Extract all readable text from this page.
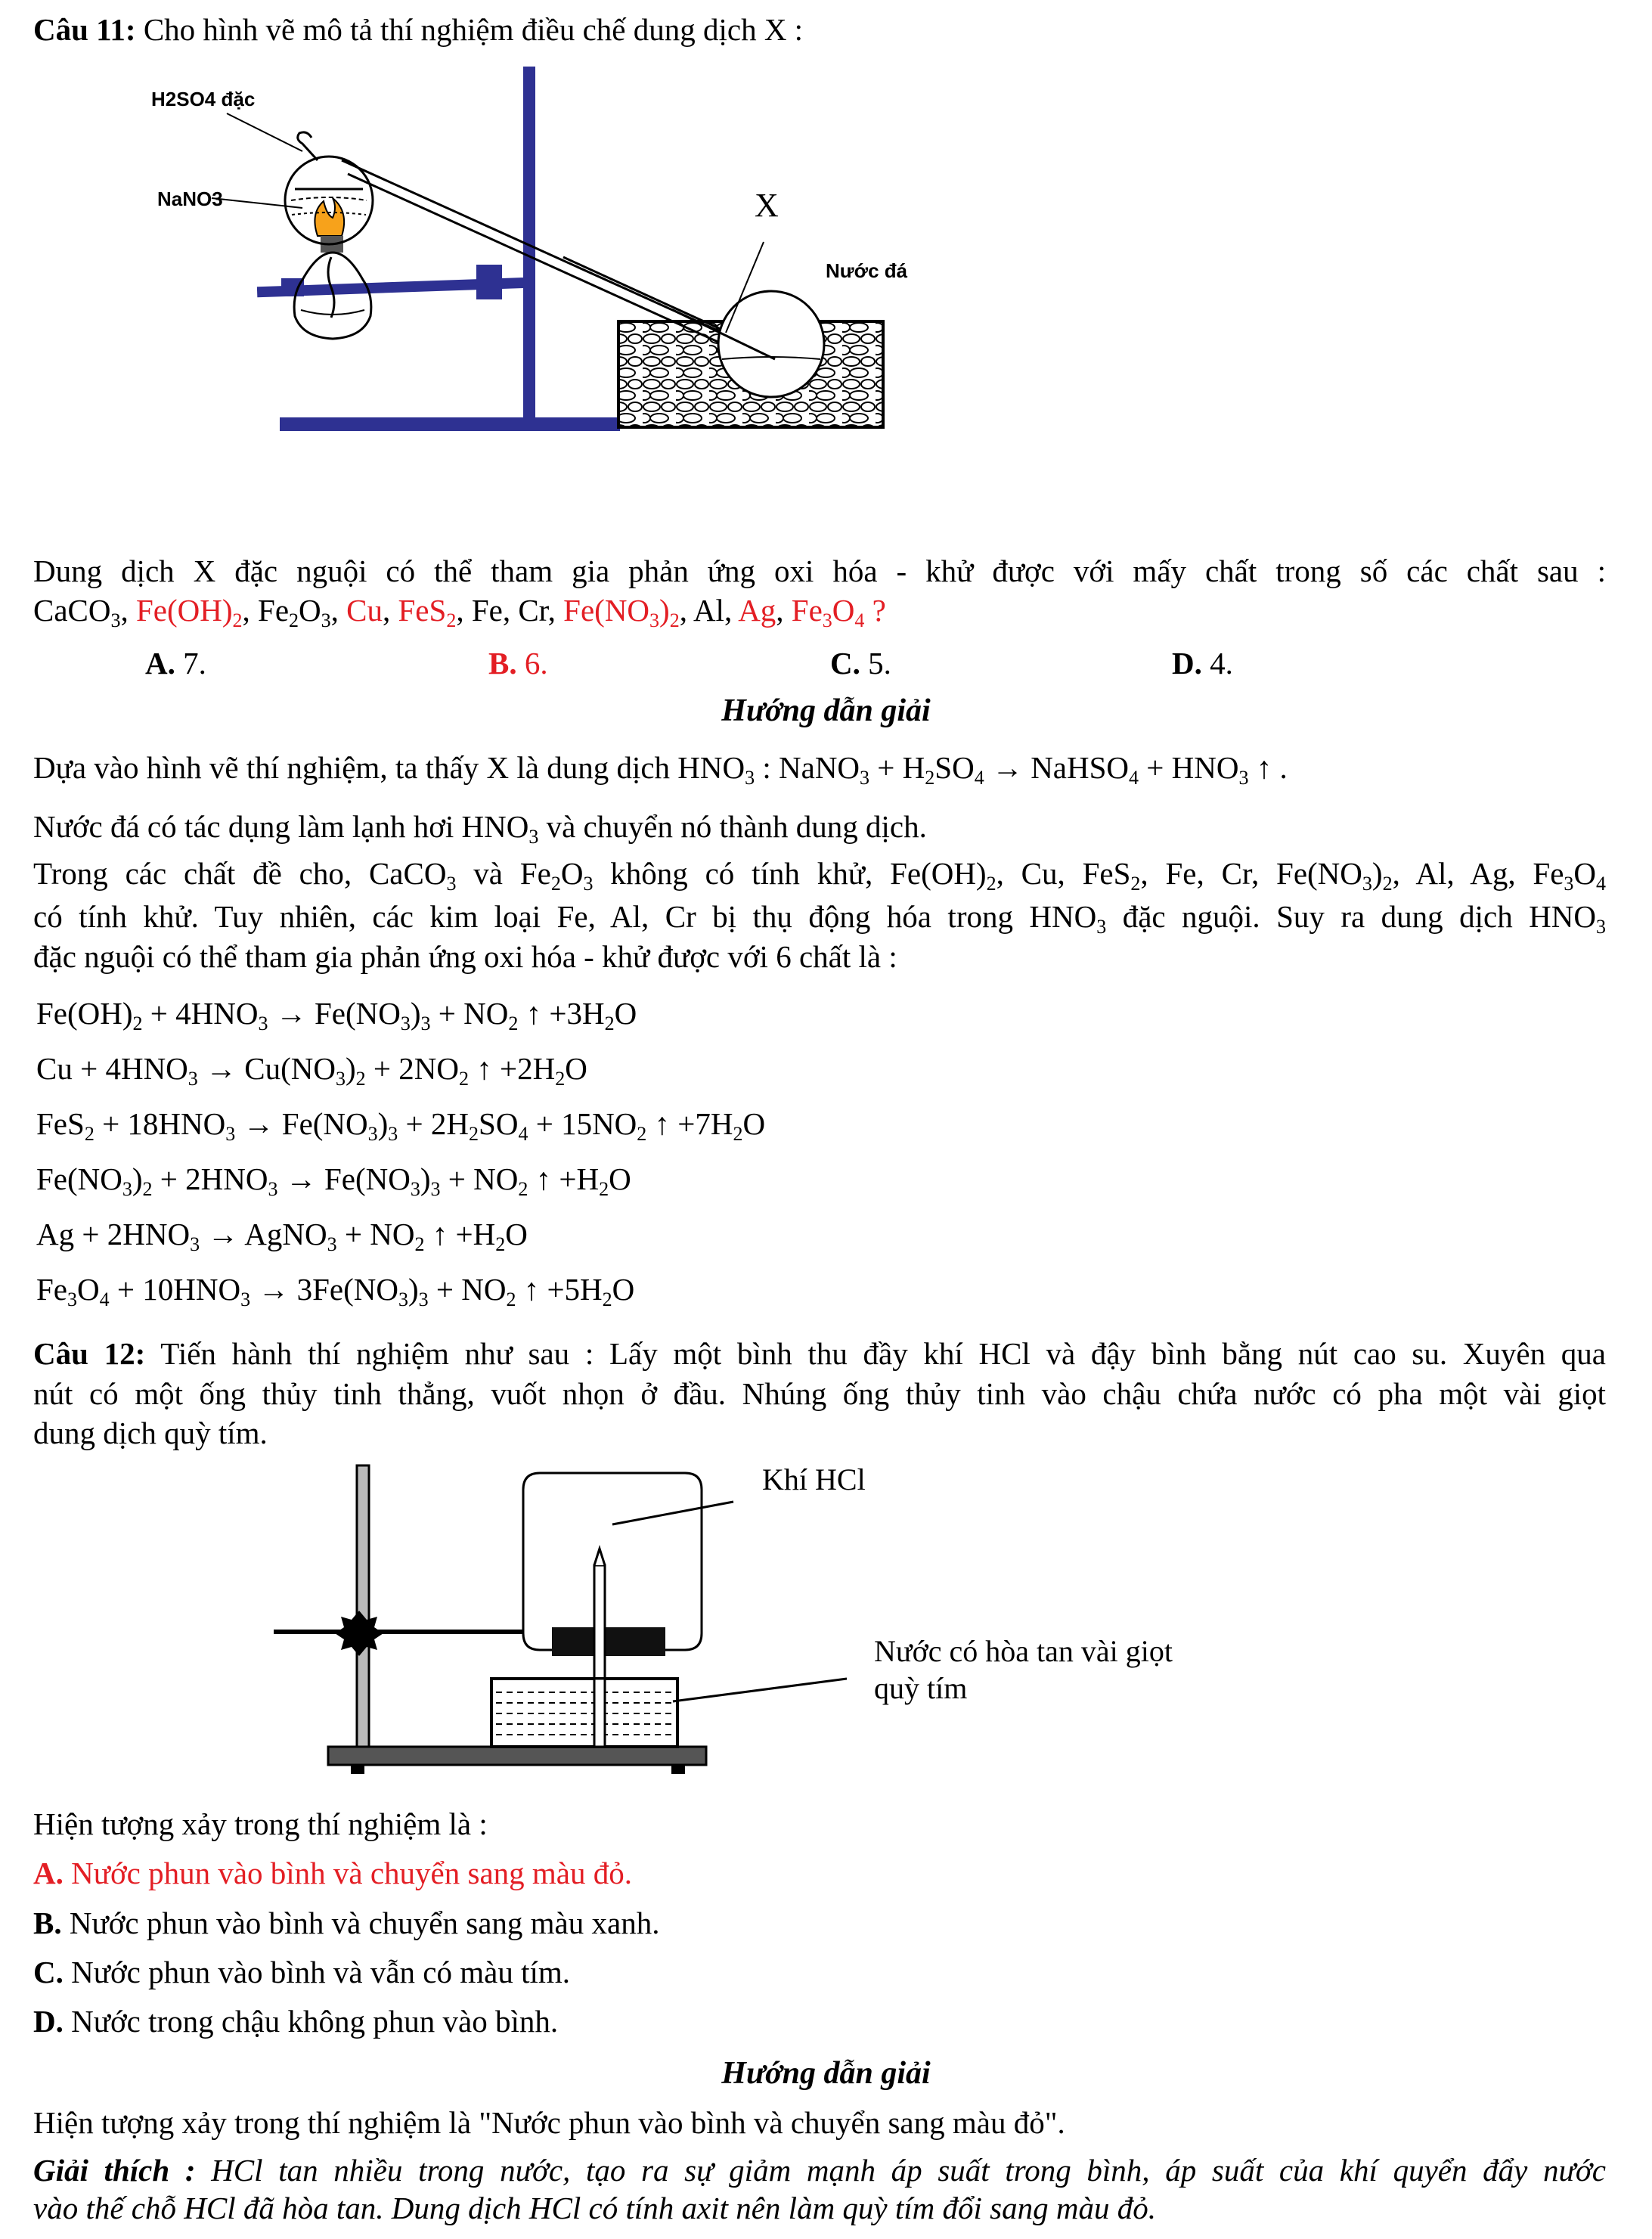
Câu 11: Cho hình vẽ mô tả thí nghiệm điều chế dung dịch X :
H2SO4 đặc
NaNO3	X
Nước đá
Dung dịch X đặc nguội có thể tham gia phản ứng oxi hóa - khử được với mấy chất trong số các chất sau :
CaCO$_3$, $Fe(OH)_2$, $Fe_2O_3$, Cu, FeS$_2$, Fe, Cr, $Fe(NO_3)_2$, Al, Ag, $Fe_3O_4$ ?
A. 7.	B. 6.	C. 5.	D. 4.
Hướng dẫn giải
Dựa vào hình vẽ thí nghiệm, ta thấy X là dung dịch $HNO_3$ : NaNO$_3$ + $H_2SO_4$ → NaHSO$_4$ + $HNO_3$ ↑ .
Nước đá có tác dụng làm lạnh hơi $HNO_3$ và chuyển nó thành dung dịch.
Trong các chất đề cho, CaCO$_3$ và $Fe_2O_3$ không có tính khử, $Fe(OH)_2$, Cu, FeS$_2$, Fe, Cr, $Fe(NO_3)_2$, Al, Ag, $Fe_3O_4$
có tính khử. Tuy nhiên, các kim loại Fe, Al, Cr bị thụ động hóa trong $HNO_3$ đặc nguội. Suy ra dung dịch $HNO_3$
đặc nguội có thể tham gia phản ứng oxi hóa - khử được với 6 chất là :
$Fe(OH)_2 + 4HNO_3 \to Fe(NO_3)_3 + NO_2$ ↑ $+3H_2O$
$Cu + 4HNO_3 \to Cu(NO_3)_2 + 2NO_2$ ↑ $+2H_2O$
$FeS_2 + 18HNO_3 \to Fe(NO_3)_3 + 2H_2SO_4 + 15NO_2$ ↑ $+7H_2O$
$Fe(NO_3)_2 + 2HNO_3 \to Fe(NO_3)_3 + NO_2$ ↑ $+H_2O$
$Ag + 2HNO_3$ → AgNO$_3$ + $NO_2$ ↑ $+H_2O$
$Fe_3O_4 + 10HNO_3 \to 3Fe(NO_3)_3 + NO_2$ ↑ $+5H_2O$
Câu 12: Tiến hành thí nghiệm như sau : Lấy một bình thu đầy khí HCl và đậy bình bằng nút cao su. Xuyên qua
nút có một ống thủy tinh thẳng, vuốt nhọn ở đầu. Nhúng ống thủy tinh vào chậu chứa nước có pha một vài giọt
dung dịch quỳ tím.
Khí HCl
Nước có hòa tan vài giọt
quỳ tím
Hiện tượng xảy trong thí nghiệm là :
A. Nước phun vào bình và chuyển sang màu đỏ.
B. Nước phun vào bình và chuyển sang màu xanh.
C. Nước phun vào bình và vẫn có màu tím.
D. Nước trong chậu không phun vào bình.
Hướng dẫn giải
Hiện tượng xảy trong thí nghiệm là "Nước phun vào bình và chuyển sang màu đỏ".
Giải thích : HCl tan nhiều trong nước, tạo ra sự giảm mạnh áp suất trong bình, áp suất của khí quyển đẩy nước
vào thế chỗ HCl đã hòa tan. Dung dịch HCl có tính axit nên làm quỳ tím đổi sang màu đỏ.
